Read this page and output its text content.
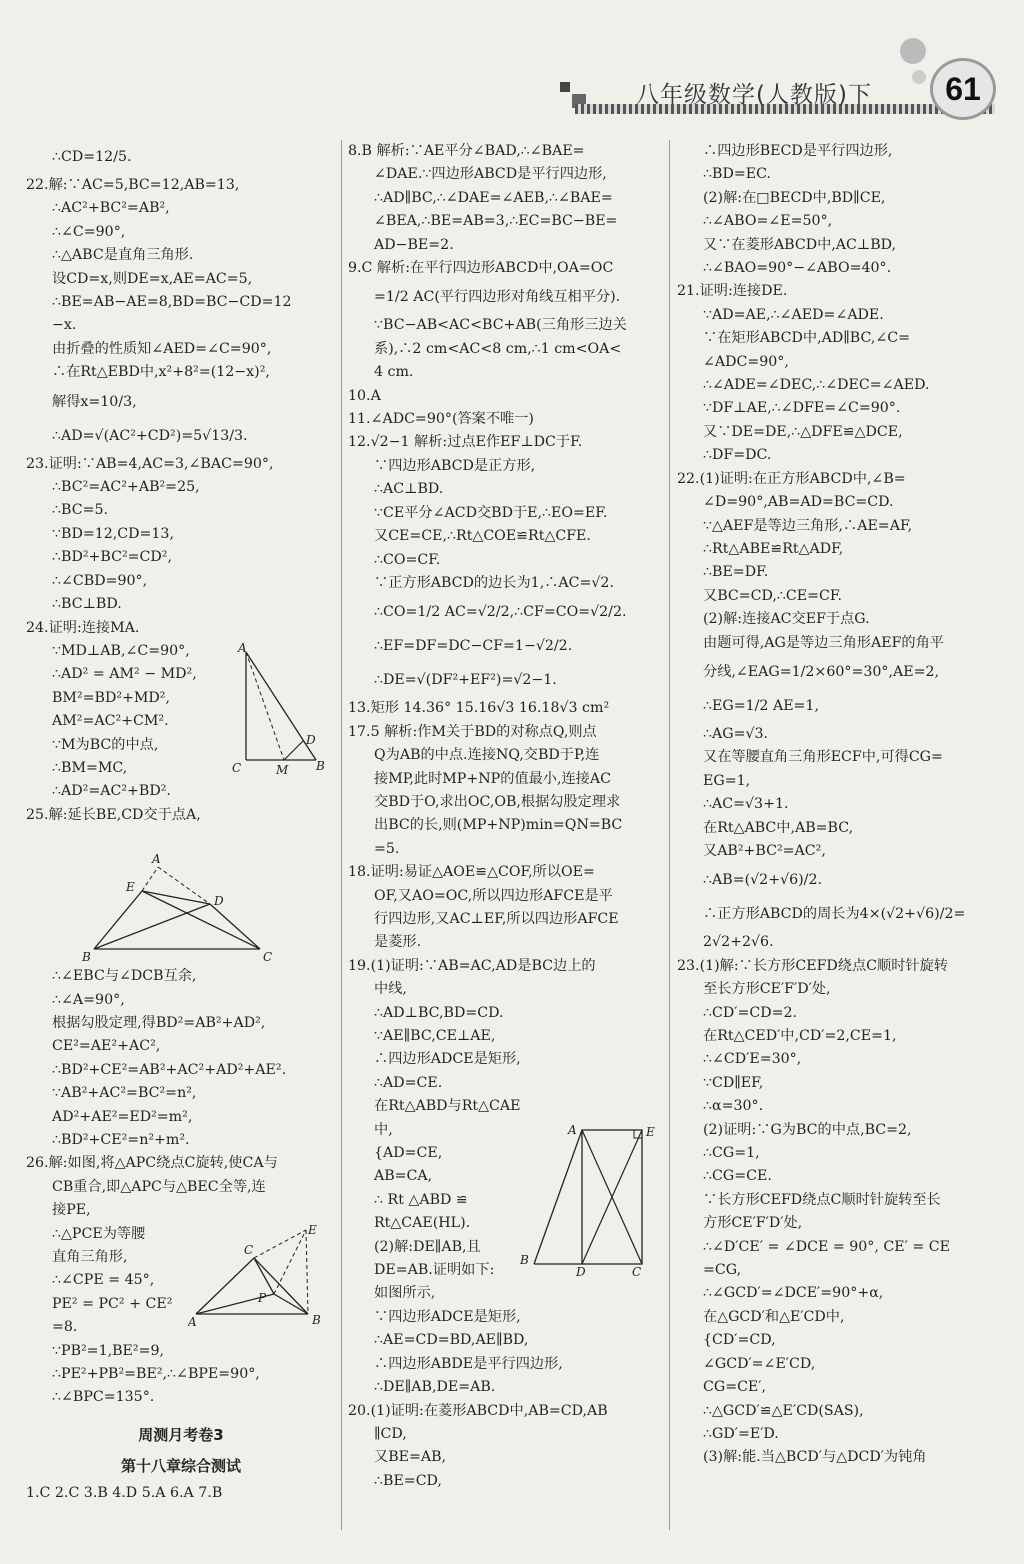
八年级数学(人教版)下	61

∴CD=12/5.

22.解:∵AC=5,BC=12,AB=13,

∴AC²+BC²=AB²,

∴∠C=90°,

∴△ABC是直角三角形.

设CD=x,则DE=x,AE=AC=5,

∴BE=AB−AE=8,BD=BC−CD=12

−x.

由折叠的性质知∠AED=∠C=90°,

∴在Rt△EBD中,x²+8²=(12−x)²,

解得x=10/3,

∴AD=√(AC²+CD²)=5√13/3.

23.证明:∵AB=4,AC=3,∠BAC=90°,

∴BC²=AC²+AB²=25,

∴BC=5.

∵BD=12,CD=13,

∴BD²+BC²=CD²,

∴∠CBD=90°,

∴BC⊥BD.

24.证明:连接MA.

∵MD⊥AB,∠C=90°,

∴AD² = AM² − MD²,

BM²=BD²+MD²,

AM²=AC²+CM².

∵M为BC的中点,

∴BM=MC,

∴AD²=AC²+BD².

25.解:延长BE,CD交于点A,

∴∠EBC与∠DCB互余,

∴∠A=90°,

根据勾股定理,得BD²=AB²+AD²,

CE²=AE²+AC²,

∴BD²+CE²=AB²+AC²+AD²+AE².

∵AB²+AC²=BC²=n²,

AD²+AE²=ED²=m²,

∴BD²+CE²=n²+m².

26.解:如图,将△APC绕点C旋转,使CA与

CB重合,即△APC与△BEC全等,连

接PE,

∴△PCE为等腰

直角三角形,

∴∠CPE = 45°,

PE² = PC² + CE²

=8.

∵PB²=1,BE²=9,

∴PE²+PB²=BE²,∴∠BPE=90°,

∴∠BPC=135°.

周测月考卷3

第十八章综合测试

1.C 2.C 3.B 4.D 5.A 6.A 7.B

A
D
C	M B
A
E
D
B	C
E
C
P
A	B

8.B 解析:∵AE平分∠BAD,∴∠BAE=

∠DAE.∵四边形ABCD是平行四边形,

∴AD∥BC,∴∠DAE=∠AEB,∴∠BAE=

∠BEA,∴BE=AB=3,∴EC=BC−BE=

AD−BE=2.

9.C 解析:在平行四边形ABCD中,OA=OC

=1/2 AC(平行四边形对角线互相平分).

∵BC−AB<AC<BC+AB(三角形三边关

系),∴2 cm<AC<8 cm,∴1 cm<OA<

4 cm.

10.A

11.∠ADC=90°(答案不唯一)

12.√2−1 解析:过点E作EF⊥DC于F.

∵四边形ABCD是正方形,

∴AC⊥BD.

∵CE平分∠ACD交BD于E,∴EO=EF.

又CE=CE,∴Rt△COE≌Rt△CFE.

∴CO=CF.

∵正方形ABCD的边长为1,∴AC=√2.

∴CO=1/2 AC=√2/2,∴CF=CO=√2/2.

∴EF=DF=DC−CF=1−√2/2.

∴DE=√(DF²+EF²)=√2−1.

13.矩形 14.36° 15.16√3 16.18√3 cm²

17.5 解析:作M关于BD的对称点Q,则点

Q为AB的中点.连接NQ,交BD于P,连

接MP,此时MP+NP的值最小,连接AC

交BD于O,求出OC,OB,根据勾股定理求

出BC的长,则(MP+NP)min=QN=BC

=5.

18.证明:易证△AOE≌△COF,所以OE=

OF,又AO=OC,所以四边形AFCE是平

行四边形,又AC⊥EF,所以四边形AFCE

是菱形.

19.(1)证明:∵AB=AC,AD是BC边上的

中线,

∴AD⊥BC,BD=CD.

∵AE∥BC,CE⊥AE,

∴四边形ADCE是矩形,

∴AD=CE.

在Rt△ABD与Rt△CAE

中,

{AD=CE,

AB=CA,

∴ Rt △ABD ≌

Rt△CAE(HL).

(2)解:DE∥AB,且

DE=AB.证明如下:

如图所示,

∵四边形ADCE是矩形,

∴AE=CD=BD,AE∥BD,

∴四边形ABDE是平行四边形,

∴DE∥AB,DE=AB.

20.(1)证明:在菱形ABCD中,AB=CD,AB

∥CD,

又BE=AB,

∴BE=CD,

A	E
B
D	C

∴四边形BECD是平行四边形,

∴BD=EC.

(2)解:在□BECD中,BD∥CE,

∴∠ABO=∠E=50°,

又∵在菱形ABCD中,AC⊥BD,

∴∠BAO=90°−∠ABO=40°.

21.证明:连接DE.

∵AD=AE,∴∠AED=∠ADE.

∵在矩形ABCD中,AD∥BC,∠C=

∠ADC=90°,

∴∠ADE=∠DEC,∴∠DEC=∠AED.

∵DF⊥AE,∴∠DFE=∠C=90°.

又∵DE=DE,∴△DFE≌△DCE,

∴DF=DC.

22.(1)证明:在正方形ABCD中,∠B=

∠D=90°,AB=AD=BC=CD.

∵△AEF是等边三角形,∴AE=AF,

∴Rt△ABE≌Rt△ADF,

∴BE=DF.

又BC=CD,∴CE=CF.

(2)解:连接AC交EF于点G.

由题可得,AG是等边三角形AEF的角平

分线,∠EAG=1/2×60°=30°,AE=2,

∴EG=1/2 AE=1,

∴AG=√3.

又在等腰直角三角形ECF中,可得CG=

EG=1,

∴AC=√3+1.

在Rt△ABC中,AB=BC,

又AB²+BC²=AC²,

∴AB=(√2+√6)/2.

∴正方形ABCD的周长为4×(√2+√6)/2=

2√2+2√6.

23.(1)解:∵长方形CEFD绕点C顺时针旋转

至长方形CE′F′D′处,

∴CD′=CD=2.

在Rt△CED′中,CD′=2,CE=1,

∴∠CD′E=30°,

∵CD∥EF,

∴α=30°.

(2)证明:∵G为BC的中点,BC=2,

∴CG=1,

∴CG=CE.

∵长方形CEFD绕点C顺时针旋转至长

方形CE′F′D′处,

∴∠D′CE′ = ∠DCE = 90°, CE′ = CE

=CG,

∴∠GCD′=∠DCE′=90°+α,

在△GCD′和△E′CD中,

{CD′=CD,

∠GCD′=∠E′CD,

CG=CE′,

∴△GCD′≌△E′CD(SAS),

∴GD′=E′D.

(3)解:能.当△BCD′与△DCD′为钝角
